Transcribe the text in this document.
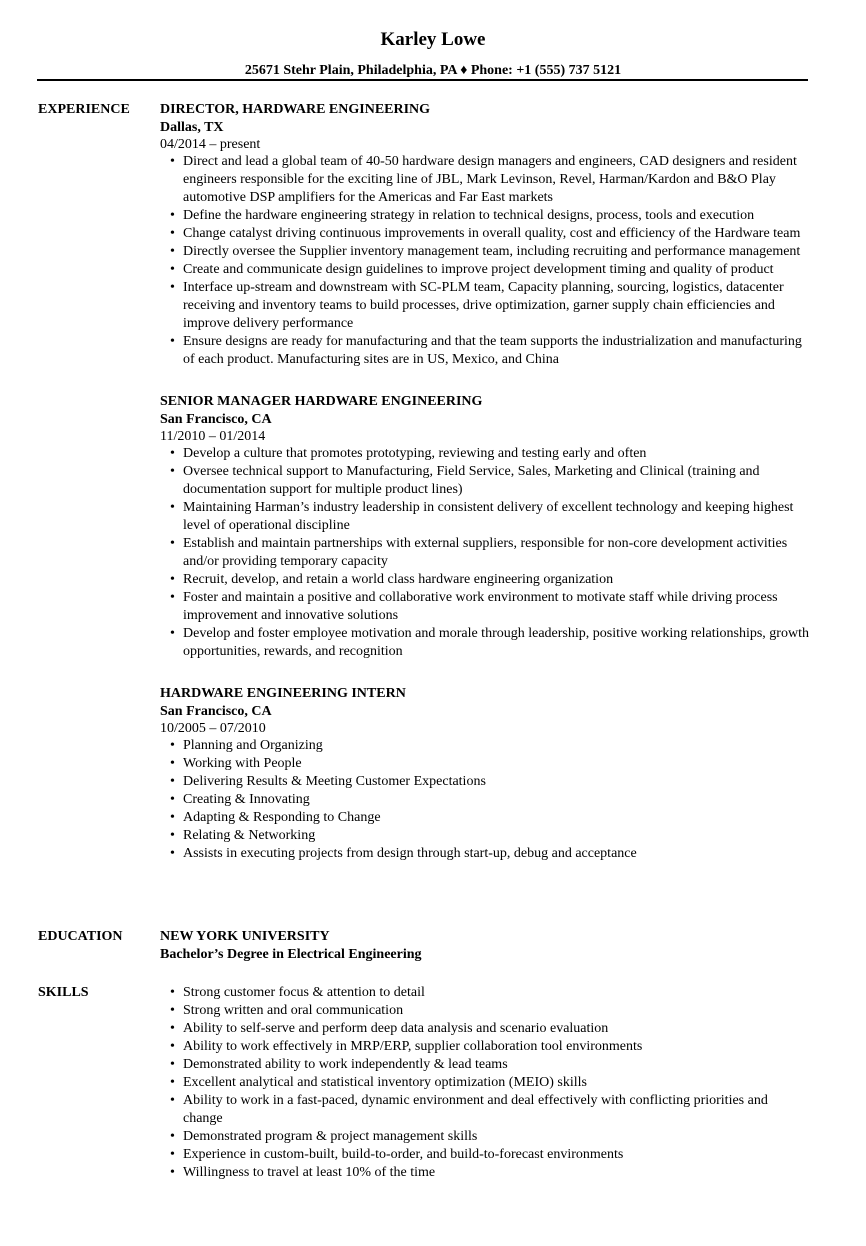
Karley Lowe
25671 Stehr Plain, Philadelphia, PA ♦ Phone: +1 (555) 737 5121
EXPERIENCE DIRECTOR, HARDWARE ENGINEERING
Dallas, TX
04/2014 – present
• Direct and lead a global team of 40-50 hardware design managers and engineers, CAD designers and resident engineers responsible for the exciting line of JBL, Mark Levinson, Revel, Harman/Kardon and B&O Play automotive DSP amplifiers for the Americas and Far East markets
• Define the hardware engineering strategy in relation to technical designs, process, tools and execution
• Change catalyst driving continuous improvements in overall quality, cost and efficiency of the Hardware team
• Directly oversee the Supplier inventory management team, including recruiting and performance management
• Create and communicate design guidelines to improve project development timing and quality of product
• Interface up-stream and downstream with SC-PLM team, Capacity planning, sourcing, logistics, datacenter receiving and inventory teams to build processes, drive optimization, garner supply chain efficiencies and improve delivery performance
• Ensure designs are ready for manufacturing and that the team supports the industrialization and manufacturing of each product. Manufacturing sites are in US, Mexico, and China
SENIOR MANAGER HARDWARE ENGINEERING
San Francisco, CA
11/2010 – 01/2014
• Develop a culture that promotes prototyping, reviewing and testing early and often
• Oversee technical support to Manufacturing, Field Service, Sales, Marketing and Clinical (training and documentation support for multiple product lines)
• Maintaining Harman’s industry leadership in consistent delivery of excellent technology and keeping highest level of operational discipline
• Establish and maintain partnerships with external suppliers, responsible for non-core development activities and/or providing temporary capacity
• Recruit, develop, and retain a world class hardware engineering organization
• Foster and maintain a positive and collaborative work environment to motivate staff while driving process improvement and innovative solutions
• Develop and foster employee motivation and morale through leadership, positive working relationships, growth opportunities, rewards, and recognition
HARDWARE ENGINEERING INTERN
San Francisco, CA
10/2005 – 07/2010
• Planning and Organizing
• Working with People
• Delivering Results & Meeting Customer Expectations
• Creating & Innovating
• Adapting & Responding to Change
• Relating & Networking
• Assists in executing projects from design through start-up, debug and acceptance
EDUCATION	NEW YORK UNIVERSITY
Bachelor’s Degree in Electrical Engineering
SKILLS
•	Strong customer focus & attention to detail
• Strong written and oral communication
• Ability to self-serve and perform deep data analysis and scenario evaluation
• Ability to work effectively in MRP/ERP, supplier collaboration tool environments
• Demonstrated ability to work independently & lead teams
• Excellent analytical and statistical inventory optimization (MEIO) skills
• Ability to work in a fast-paced, dynamic environment and deal effectively with conflicting priorities and change
• Demonstrated program & project management skills
• Experience in custom-built, build-to-order, and build-to-forecast environments
• Willingness to travel at least 10% of the time
